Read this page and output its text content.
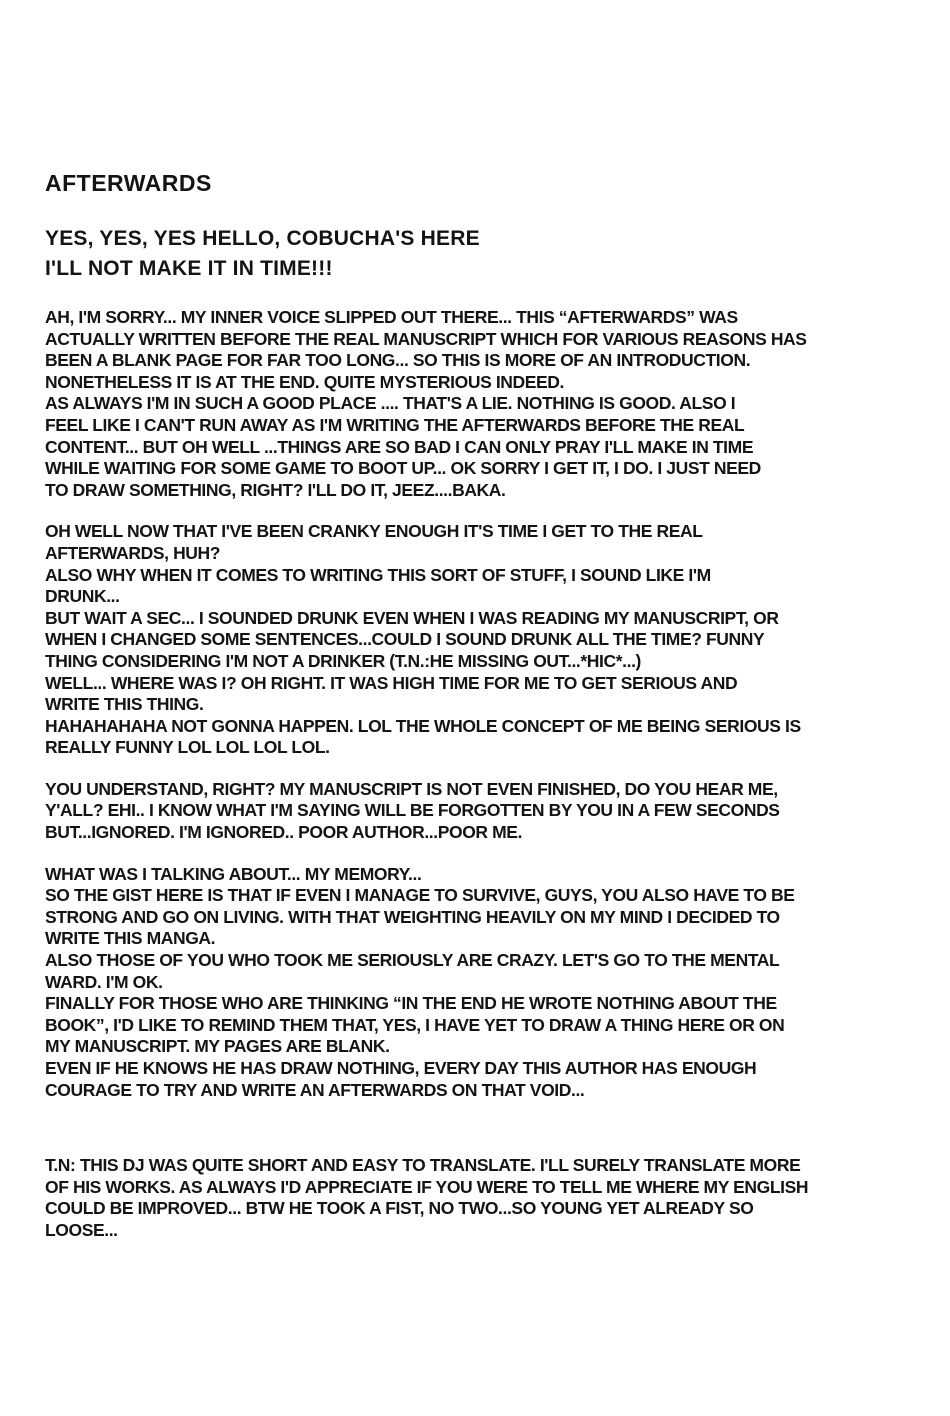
AFTERWARDS
YES, YES, YES HELLO, COBUCHA'S HERE
I'LL NOT MAKE IT IN TIME!!!
AH, I'M SORRY... MY INNER VOICE SLIPPED OUT THERE... THIS “AFTERWARDS” WAS
ACTUALLY WRITTEN BEFORE THE REAL MANUSCRIPT WHICH FOR VARIOUS REASONS HAS
BEEN A BLANK PAGE FOR FAR TOO LONG... SO THIS IS MORE OF AN INTRODUCTION.
NONETHELESS IT IS AT THE END. QUITE MYSTERIOUS INDEED.
AS ALWAYS I'M IN SUCH A GOOD PLACE .... THAT'S A LIE. NOTHING IS GOOD. ALSO I
FEEL LIKE I CAN'T RUN AWAY AS I'M WRITING THE AFTERWARDS BEFORE THE REAL
CONTENT... BUT OH WELL ...THINGS ARE SO BAD I CAN ONLY PRAY I'LL MAKE IN TIME
WHILE WAITING FOR SOME GAME TO BOOT UP... OK SORRY I GET IT, I DO. I JUST NEED
TO DRAW SOMETHING, RIGHT? I'LL DO IT, JEEZ....BAKA.
OH WELL NOW THAT I'VE BEEN CRANKY ENOUGH IT'S TIME I GET TO THE REAL
AFTERWARDS, HUH?
ALSO WHY WHEN IT COMES TO WRITING THIS SORT OF STUFF, I SOUND LIKE I'M
DRUNK...
BUT WAIT A SEC... I SOUNDED DRUNK EVEN WHEN I WAS READING MY MANUSCRIPT, OR
WHEN I CHANGED SOME SENTENCES...COULD I SOUND DRUNK ALL THE TIME? FUNNY
THING CONSIDERING I'M NOT A DRINKER (T.N.:HE MISSING OUT...*HIC*...)
WELL... WHERE WAS I? OH RIGHT. IT WAS HIGH TIME FOR ME TO GET SERIOUS AND
WRITE THIS THING.
HAHAHAHAHA NOT GONNA HAPPEN. LOL THE WHOLE CONCEPT OF ME BEING SERIOUS IS
REALLY FUNNY LOL LOL LOL LOL.
YOU UNDERSTAND, RIGHT? MY MANUSCRIPT IS NOT EVEN FINISHED, DO YOU HEAR ME,
Y'ALL? EHI.. I KNOW WHAT I'M SAYING WILL BE FORGOTTEN BY YOU IN A FEW SECONDS
BUT...IGNORED. I'M IGNORED.. POOR AUTHOR...POOR ME.
WHAT WAS I TALKING ABOUT... MY MEMORY...
SO THE GIST HERE IS THAT IF EVEN I MANAGE TO SURVIVE, GUYS, YOU ALSO HAVE TO BE
STRONG AND GO ON LIVING. WITH THAT WEIGHTING HEAVILY ON MY MIND I DECIDED TO
WRITE THIS MANGA.
ALSO THOSE OF YOU WHO TOOK ME SERIOUSLY ARE CRAZY. LET'S GO TO THE MENTAL
WARD. I'M OK.
FINALLY FOR THOSE WHO ARE THINKING “IN THE END HE WROTE NOTHING ABOUT THE
BOOK”, I'D LIKE TO REMIND THEM THAT, YES, I HAVE YET TO DRAW A THING HERE OR ON
MY MANUSCRIPT. MY PAGES ARE BLANK.
EVEN IF HE KNOWS HE HAS DRAW NOTHING, EVERY DAY THIS AUTHOR HAS ENOUGH
COURAGE TO TRY AND WRITE AN AFTERWARDS ON THAT VOID...
T.N: THIS DJ WAS QUITE SHORT AND EASY TO TRANSLATE. I'LL SURELY TRANSLATE MORE
OF HIS WORKS. AS ALWAYS I'D APPRECIATE IF YOU WERE TO TELL ME WHERE MY ENGLISH
COULD BE IMPROVED... BTW HE TOOK A FIST, NO TWO...SO YOUNG YET ALREADY SO
LOOSE...
